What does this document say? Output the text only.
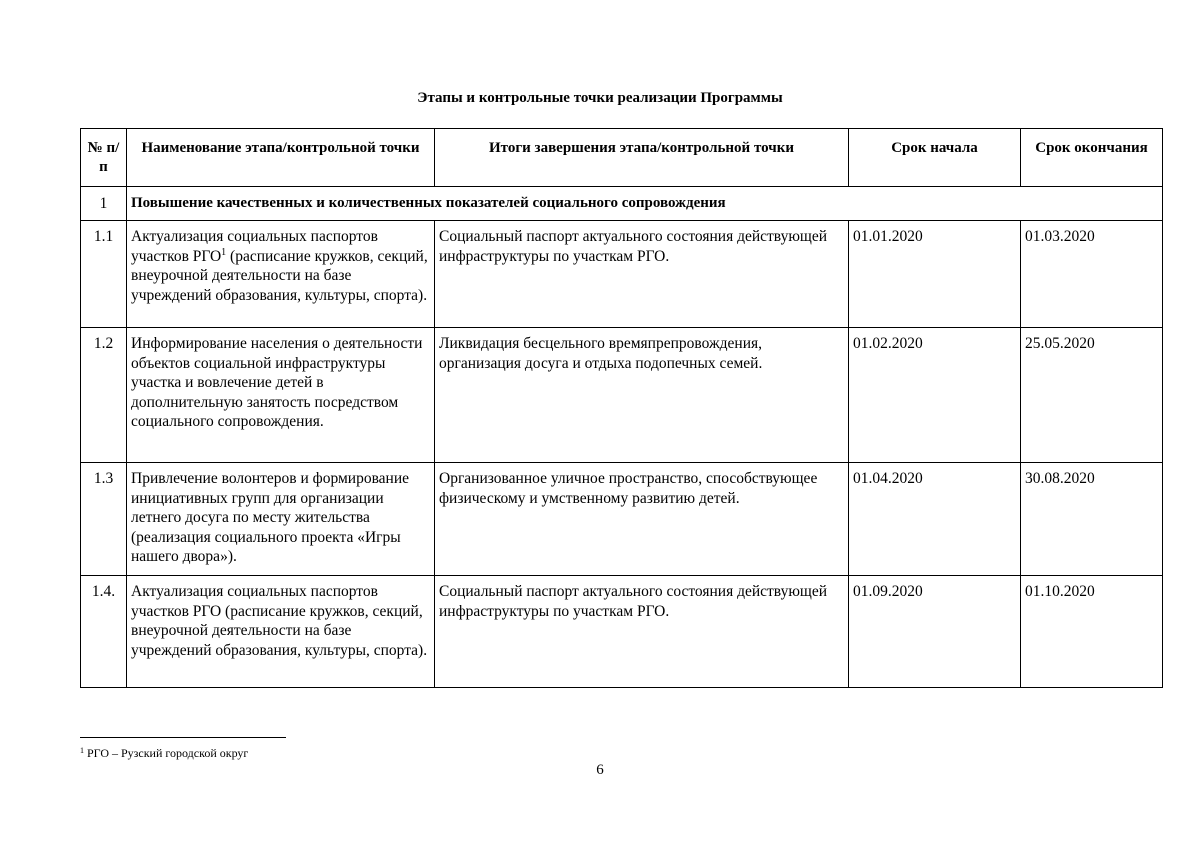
Этапы и контрольные точки реализации Программы
№ п/п	Наименование этапа/контрольной точки	Итоги завершения этапа/контрольной точки	Срок начала	Срок окончания
1	Повышение качественных и количественных показателей социального сопровождения			
1.1	Актуализация социальных паспортов участков РГО$^1$ (расписание кружков, секций, внеурочной деятельности на базе учреждений образования, культуры, спорта).	Социальный паспорт актуального состояния действующей инфраструктуры по участкам РГО.	01.01.2020	01.03.2020
1.2	Информирование населения о деятельности объектов социальной инфраструктуры участка и вовлечение детей в дополнительную занятость посредством социального сопровождения.	Ликвидация бесцельного времяпрепровождения, организация досуга и отдыха подопечных семей.	01.02.2020	25.05.2020
1.3	Привлечение волонтеров и формирование инициативных групп для организации летнего досуга по месту жительства (реализация социального проекта «Игры нашего двора»).	Организованное уличное пространство, способствующее физическому и умственному развитию детей.	01.04.2020	30.08.2020
1.4.	Актуализация социальных паспортов участков РГО (расписание кружков, секций, внеурочной деятельности на базе учреждений образования, культуры, спорта).	Социальный паспорт актуального состояния действующей инфраструктуры по участкам РГО.	01.09.2020	01.10.2020
$^1$ РГО – Рузский городской округ
6
